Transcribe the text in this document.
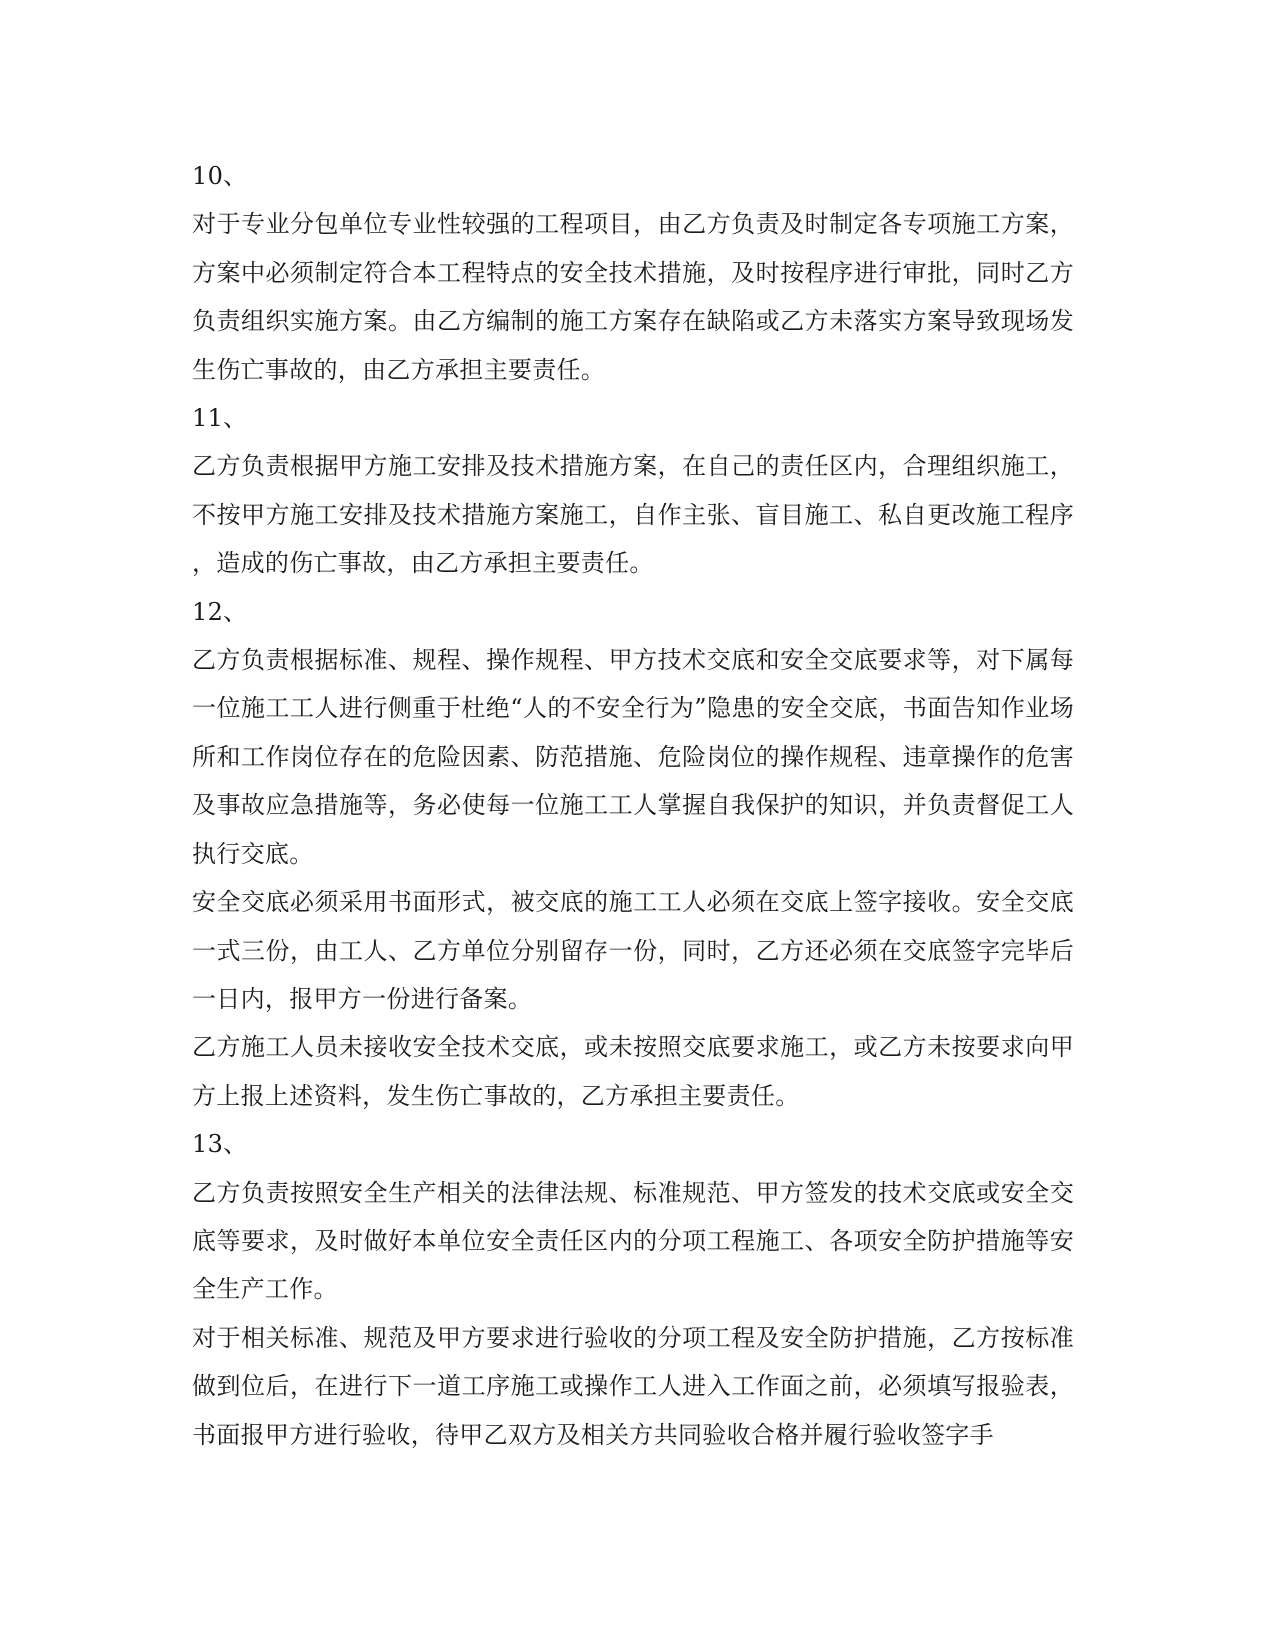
10、

对于专业分包单位专业性较强的工程项目，由乙方负责及时制定各专项施工方案，方案中必须制定符合本工程特点的安全技术措施，及时按程序进行审批，同时乙方负责组织实施方案。由乙方编制的施工方案存在缺陷或乙方未落实方案导致现场发生伤亡事故的，由乙方承担主要责任。

11、

乙方负责根据甲方施工安排及技术措施方案，在自己的责任区内，合理组织施工，不按甲方施工安排及技术措施方案施工，自作主张、盲目施工、私自更改施工程序，造成的伤亡事故，由乙方承担主要责任。

12、

乙方负责根据标准、规程、操作规程、甲方技术交底和安全交底要求等，对下属每一位施工工人进行侧重于杜绝“人的不安全行为”隐患的安全交底，书面告知作业场所和工作岗位存在的危险因素、防范措施、危险岗位的操作规程、违章操作的危害及事故应急措施等，务必使每一位施工工人掌握自我保护的知识，并负责督促工人执行交底。

安全交底必须采用书面形式，被交底的施工工人必须在交底上签字接收。安全交底一式三份，由工人、乙方单位分别留存一份，同时，乙方还必须在交底签字完毕后一日内，报甲方一份进行备案。

乙方施工人员未接收安全技术交底，或未按照交底要求施工，或乙方未按要求向甲方上报上述资料，发生伤亡事故的，乙方承担主要责任。

13、

乙方负责按照安全生产相关的法律法规、标准规范、甲方签发的技术交底或安全交底等要求，及时做好本单位安全责任区内的分项工程施工、各项安全防护措施等安全生产工作。

对于相关标准、规范及甲方要求进行验收的分项工程及安全防护措施，乙方按标准做到位后，在进行下一道工序施工或操作工人进入工作面之前，必须填写报验表，书面报甲方进行验收，待甲乙双方及相关方共同验收合格并履行验收签字手
